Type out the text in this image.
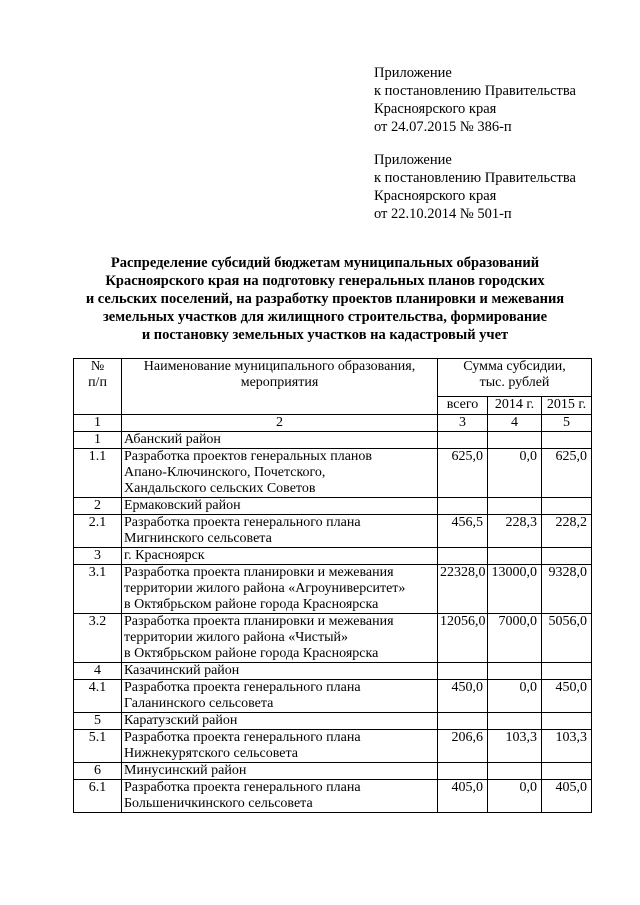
Приложение
к постановлению Правительства
Красноярского края
от 24.07.2015 № 386-п
Приложение
к постановлению Правительства
Красноярского края
от 22.10.2014 № 501-п
Распределение субсидий бюджетам муниципальных образований
Красноярского края на подготовку генеральных планов городских
и сельских поселений, на разработку проектов планировки и межевания
земельных участков для жилищного строительства, формирование
и постановку земельных участков на кадастровый учет
№
п/п	Наименование муниципального образования,
мероприятия	Сумма субсидии,
тыс. рублей		

		всего	2014 г.	2015 г.
1	2	3	4	5
1	Абанский район			

1.1	Разработка проектов генеральных планов
Апано-Ключинского, Почетского,
Хандальского сельских Советов	625,0	0,0	625,0
2	Ермаковский район			

2.1	Разработка проекта генерального плана
Мигнинского сельсовета	456,5	228,3	228,2
3	г. Красноярск			

3.1	Разработка проекта планировки и межевания
территории жилого района «Агроуниверситет»
в Октябрьском районе города Красноярска	22328,0	13000,0	9328,0
3.2	Разработка проекта планировки и межевания
территории жилого района «Чистый»
в Октябрьском районе города Красноярска	12056,0	7000,0	5056,0
4	Казачинский район			

4.1	Разработка проекта генерального плана
Галанинского сельсовета	450,0	0,0	450,0
5	Каратузский район			

5.1	Разработка проекта генерального плана
Нижнекурятского сельсовета	206,6	103,3	103,3
6	Минусинский район			

6.1	Разработка проекта генерального плана
Большеничкинского сельсовета	405,0	0,0	405,0
